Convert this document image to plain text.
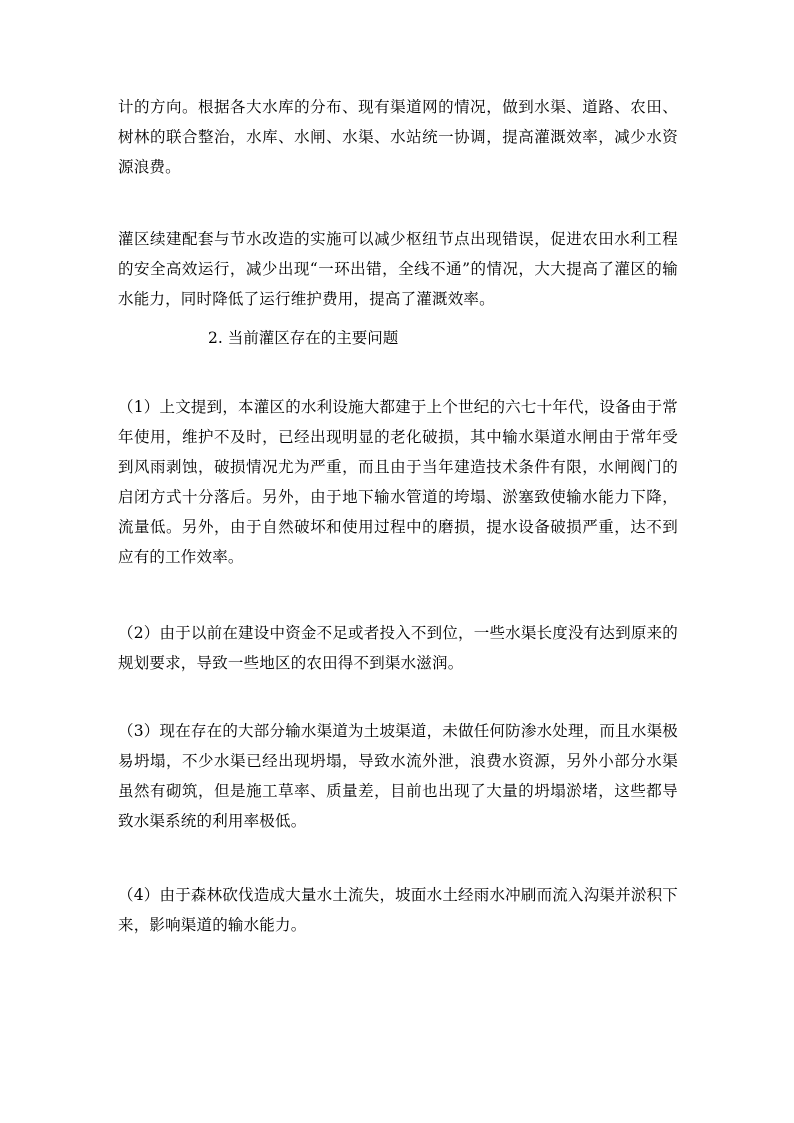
计的方向。根据各大水库的分布、现有渠道网的情况，做到水渠、道路、农田、树林的联合整治，水库、水闸、水渠、水站统一协调，提高灌溉效率，减少水资源浪费。

灌区续建配套与节水改造的实施可以减少枢纽节点出现错误，促进农田水利工程的安全高效运行，减少出现“一环出错，全线不通”的情况，大大提高了灌区的输水能力，同时降低了运行维护费用，提高了灌溉效率。

2. 当前灌区存在的主要问题

（1）上文提到，本灌区的水利设施大都建于上个世纪的六七十年代，设备由于常年使用，维护不及时，已经出现明显的老化破损，其中输水渠道水闸由于常年受到风雨剥蚀，破损情况尤为严重，而且由于当年建造技术条件有限，水闸阀门的启闭方式十分落后。另外，由于地下输水管道的垮塌、淤塞致使输水能力下降，流量低。另外，由于自然破坏和使用过程中的磨损，提水设备破损严重，达不到应有的工作效率。

（2）由于以前在建设中资金不足或者投入不到位，一些水渠长度没有达到原来的规划要求，导致一些地区的农田得不到渠水滋润。

（3）现在存在的大部分输水渠道为土坡渠道，未做任何防渗水处理，而且水渠极易坍塌，不少水渠已经出现坍塌，导致水流外泄，浪费水资源，另外小部分水渠虽然有砌筑，但是施工草率、质量差，目前也出现了大量的坍塌淤堵，这些都导致水渠系统的利用率极低。

（4）由于森林砍伐造成大量水土流失，坡面水土经雨水冲刷而流入沟渠并淤积下来，影响渠道的输水能力。
